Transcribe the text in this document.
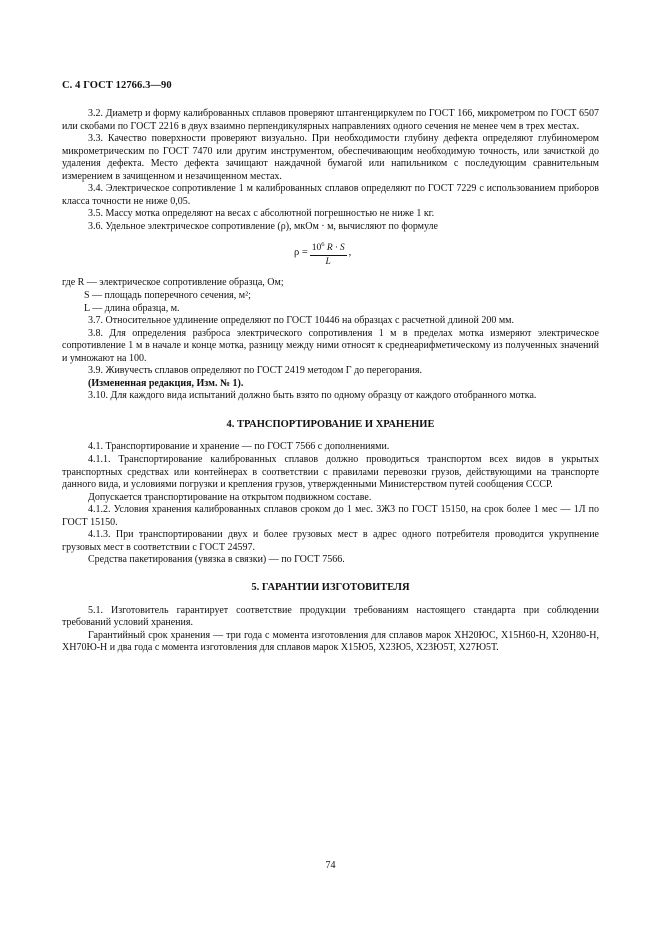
С. 4 ГОСТ 12766.3—90

3.2. Диаметр и форму калиброванных сплавов проверяют штангенциркулем по ГОСТ 166, микрометром по ГОСТ 6507 или скобами по ГОСТ 2216 в двух взаимно перпендикулярных направлениях одного сечения не менее чем в трех местах.

3.3. Качество поверхности проверяют визуально. При необходимости глубину дефекта определяют глубиномером микрометрическим по ГОСТ 7470 или другим инструментом, обеспечивающим необходимую точность, или зачисткой до удаления дефекта. Место дефекта зачищают наждачной бумагой или напильником с последующим сравнительным измерением в зачищенном и незачищенном местах.

3.4. Электрическое сопротивление 1 м калиброванных сплавов определяют по ГОСТ 7229 с использованием приборов класса точности не ниже 0,05.

3.5. Массу мотка определяют на весах с абсолютной погрешностью не ниже 1 кг.

3.6. Удельное электрическое сопротивление (ρ), мкОм · м, вычисляют по формуле

$\rho = \frac{10^6 R \cdot S}{L}$ ,

где R — электрическое сопротивление образца, Ом;

S — площадь поперечного сечения, м²;

L — длина образца, м.

3.7. Относительное удлинение определяют по ГОСТ 10446 на образцах с расчетной длиной 200 мм.

3.8. Для определения разброса электрического сопротивления 1 м в пределах мотка измеряют электрическое сопротивление 1 м в начале и конце мотка, разницу между ними относят к среднеарифметическому из полученных значений и умножают на 100.

3.9. Живучесть сплавов определяют по ГОСТ 2419 методом Г до перегорания.

(Измененная редакция, Изм. № 1).

3.10. Для каждого вида испытаний должно быть взято по одному образцу от каждого отобранного мотка.

4. ТРАНСПОРТИРОВАНИЕ И ХРАНЕНИЕ

4.1. Транспортирование и хранение — по ГОСТ 7566 с дополнениями.

4.1.1. Транспортирование калиброванных сплавов должно проводиться транспортом всех видов в укрытых транспортных средствах или контейнерах в соответствии с правилами перевозки грузов, действующими на транспорте данного вида, и условиями погрузки и крепления грузов, утвержденными Министерством путей сообщения СССР.

Допускается транспортирование на открытом подвижном составе.

4.1.2. Условия хранения калиброванных сплавов сроком до 1 мес. 3Ж3 по ГОСТ 15150, на срок более 1 мес — 1Л по ГОСТ 15150.

4.1.3. При транспортировании двух и более грузовых мест в адрес одного потребителя проводится укрупнение грузовых мест в соответствии с ГОСТ 24597.

Средства пакетирования (увязка в связки) — по ГОСТ 7566.

5. ГАРАНТИИ ИЗГОТОВИТЕЛЯ

5.1. Изготовитель гарантирует соответствие продукции требованиям настоящего стандарта при соблюдении требований условий хранения.

Гарантийный срок хранения — три года с момента изготовления для сплавов марок ХН20ЮС, Х15Н60-Н, Х20Н80-Н, ХН70Ю-Н и два года с момента изготовления для сплавов марок Х15Ю5, Х23Ю5, Х23Ю5Т, Х27Ю5Т.

74
